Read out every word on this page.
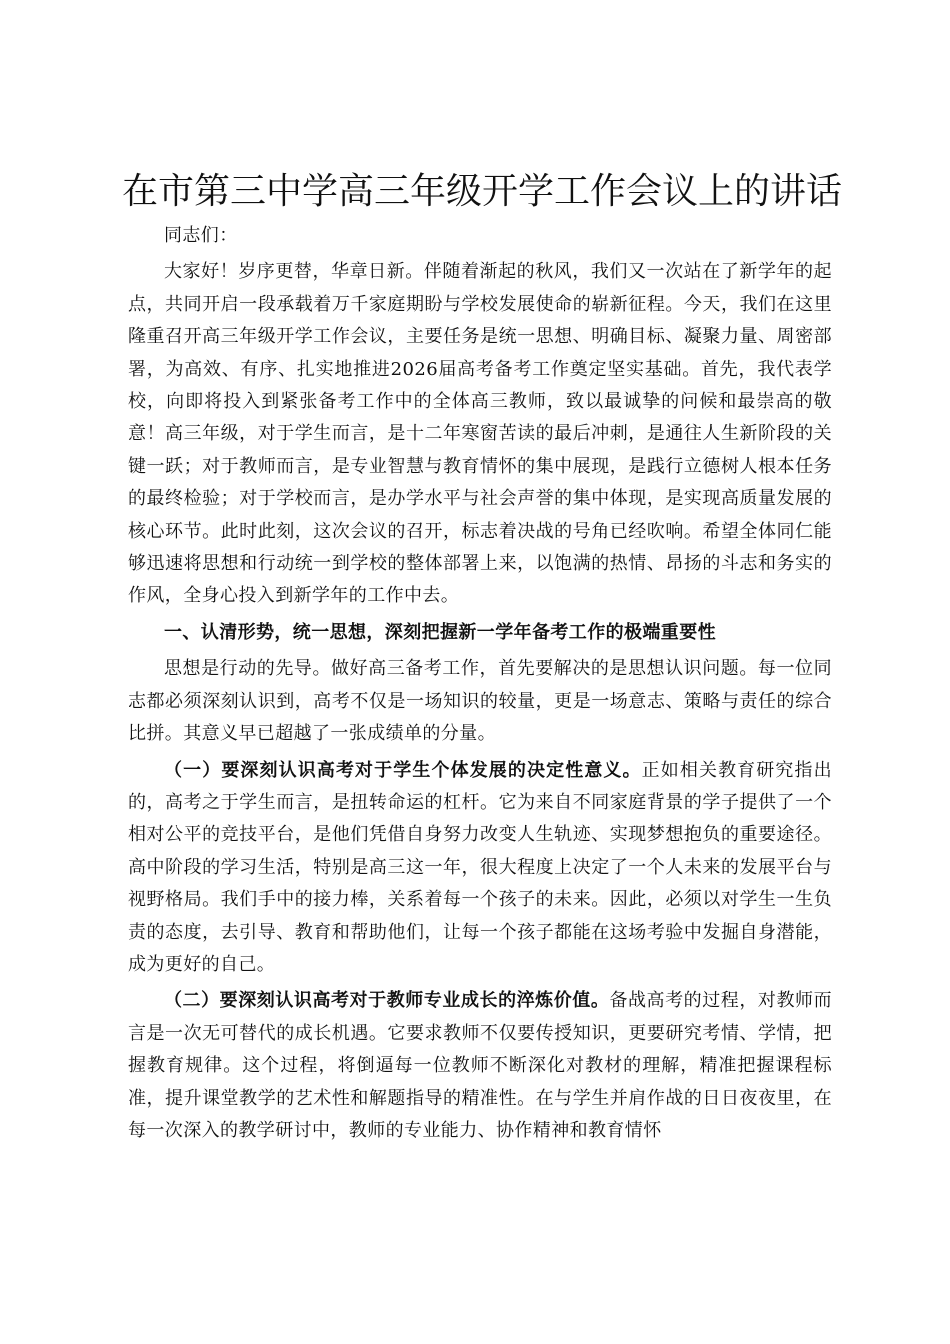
在市第三中学高三年级开学工作会议上的讲话

同志们：

大家好！岁序更替，华章日新。伴随着渐起的秋风，我们又一次站在了新学年的起点，共同开启一段承载着万千家庭期盼与学校发展使命的崭新征程。今天，我们在这里隆重召开高三年级开学工作会议，主要任务是统一思想、明确目标、凝聚力量、周密部署，为高效、有序、扎实地推进2026届高考备考工作奠定坚实基础。首先，我代表学校，向即将投入到紧张备考工作中的全体高三教师，致以最诚挚的问候和最崇高的敬意！高三年级，对于学生而言，是十二年寒窗苦读的最后冲刺，是通往人生新阶段的关键一跃；对于教师而言，是专业智慧与教育情怀的集中展现，是践行立德树人根本任务的最终检验；对于学校而言，是办学水平与社会声誉的集中体现，是实现高质量发展的核心环节。此时此刻，这次会议的召开，标志着决战的号角已经吹响。希望全体同仁能够迅速将思想和行动统一到学校的整体部署上来，以饱满的热情、昂扬的斗志和务实的作风，全身心投入到新学年的工作中去。

一、认清形势，统一思想，深刻把握新一学年备考工作的极端重要性

思想是行动的先导。做好高三备考工作，首先要解决的是思想认识问题。每一位同志都必须深刻认识到，高考不仅是一场知识的较量，更是一场意志、策略与责任的综合比拼。其意义早已超越了一张成绩单的分量。

（一）要深刻认识高考对于学生个体发展的决定性意义。正如相关教育研究指出的，高考之于学生而言，是扭转命运的杠杆。它为来自不同家庭背景的学子提供了一个相对公平的竞技平台，是他们凭借自身努力改变人生轨迹、实现梦想抱负的重要途径。高中阶段的学习生活，特别是高三这一年，很大程度上决定了一个人未来的发展平台与视野格局。我们手中的接力棒，关系着每一个孩子的未来。因此，必须以对学生一生负责的态度，去引导、教育和帮助他们，让每一个孩子都能在这场考验中发掘自身潜能，成为更好的自己。

（二）要深刻认识高考对于教师专业成长的淬炼价值。备战高考的过程，对教师而言是一次无可替代的成长机遇。它要求教师不仅要传授知识，更要研究考情、学情，把握教育规律。这个过程，将倒逼每一位教师不断深化对教材的理解，精准把握课程标准，提升课堂教学的艺术性和解题指导的精准性。在与学生并肩作战的日日夜夜里，在每一次深入的教学研讨中，教师的专业能力、协作精神和教育情怀
